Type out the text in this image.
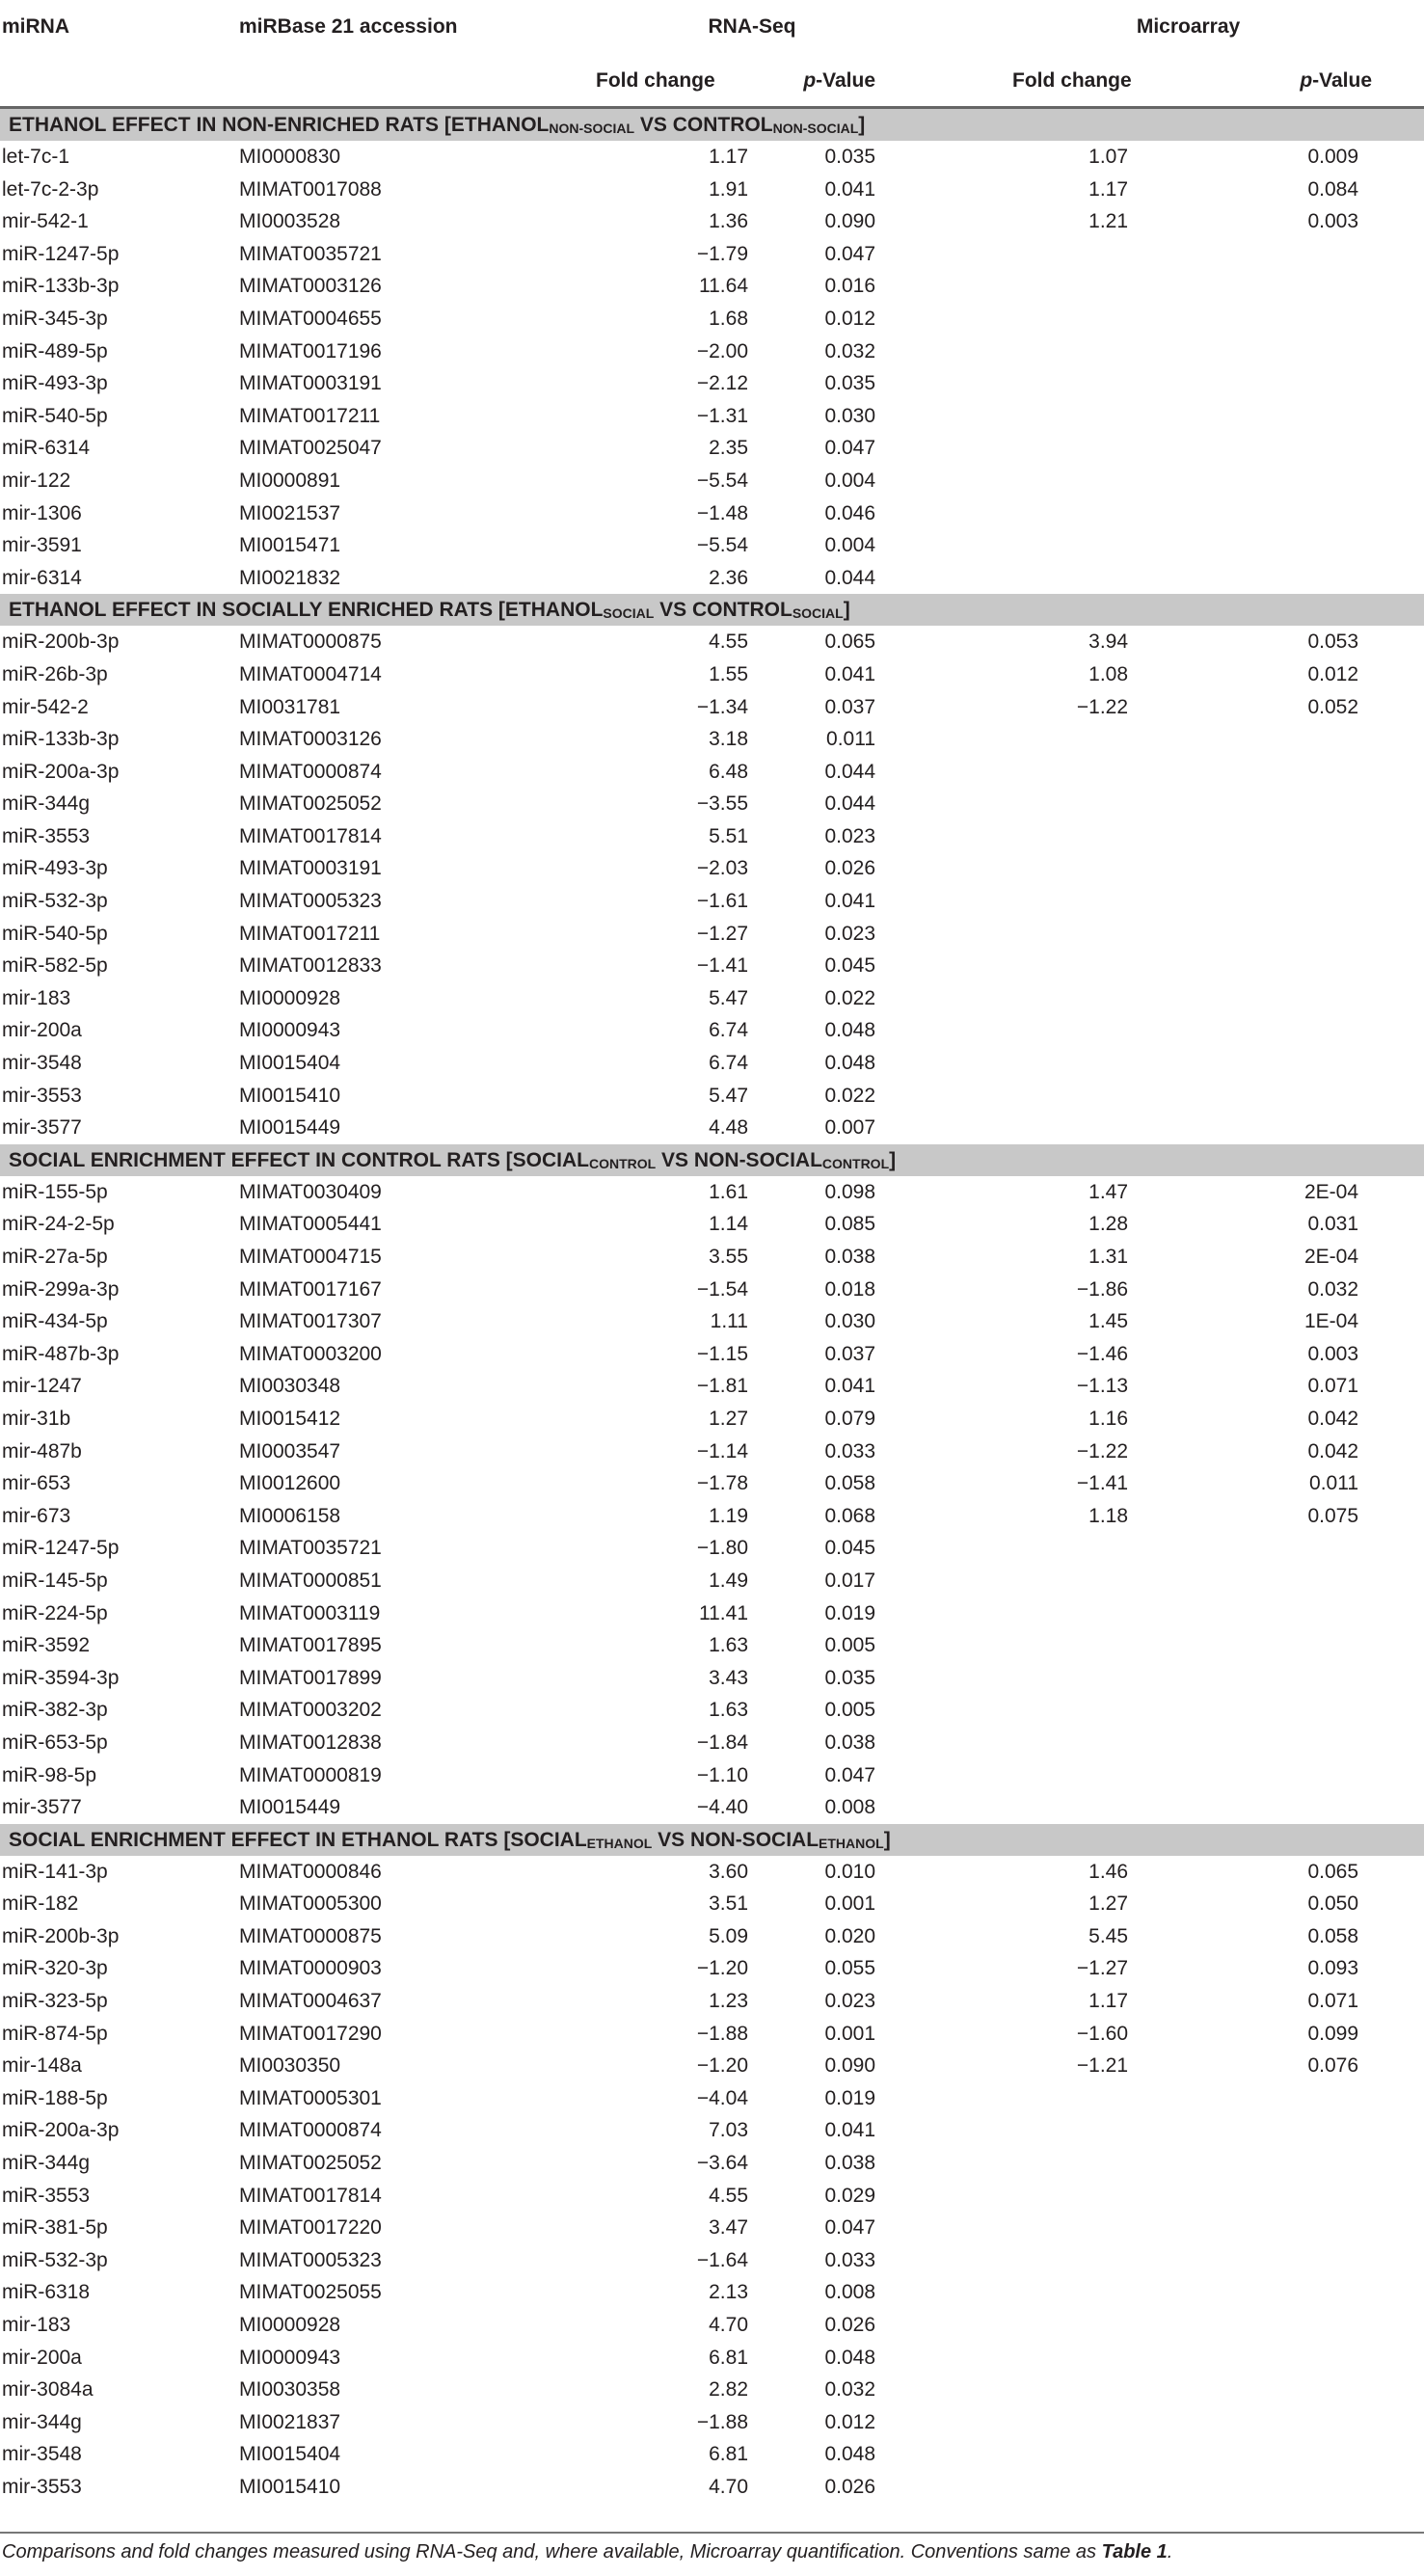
miRNA	miRBase 21 accession	RNA-Seq			Microarray	

		Fold change	p-Value		Fold change	p-Value
ETHANOL EFFECT IN NON-ENRICHED RATS [$ETHANOL_{NON-SOCIAL}$ VS $CONTROL_{NON-SOCIAL}$]						
let-7c-1	MI0000830	1.17	0.035		1.07	0.009
let-7c-2-3p	MIMAT0017088	1.91	0.041		1.17	0.084
mir-542-1	MI0003528	1.36	0.090		1.21	0.003
miR-1247-5p	MIMAT0035721	−1.79	0.047			
miR-133b-3p	MIMAT0003126	11.64	0.016			
miR-345-3p	MIMAT0004655	1.68	0.012			
miR-489-5p	MIMAT0017196	−2.00	0.032			
miR-493-3p	MIMAT0003191	−2.12	0.035			
miR-540-5p	MIMAT0017211	−1.31	0.030			
miR-6314	MIMAT0025047	2.35	0.047			
mir-122	MI0000891	−5.54	0.004			
mir-1306	MI0021537	−1.48	0.046			
mir-3591	MI0015471	−5.54	0.004			
mir-6314	MI0021832	2.36	0.044			
ETHANOL EFFECT IN SOCIALLY ENRICHED RATS [$ETHANOL_{SOCIAL}$ VS $CONTROL_{SOCIAL}$]						
miR-200b-3p	MIMAT0000875	4.55	0.065		3.94	0.053
miR-26b-3p	MIMAT0004714	1.55	0.041		1.08	0.012
mir-542-2	MI0031781	−1.34	0.037		−1.22	0.052
miR-133b-3p	MIMAT0003126	3.18	0.011			
miR-200a-3p	MIMAT0000874	6.48	0.044			
miR-344g	MIMAT0025052	−3.55	0.044			
miR-3553	MIMAT0017814	5.51	0.023			
miR-493-3p	MIMAT0003191	−2.03	0.026			
miR-532-3p	MIMAT0005323	−1.61	0.041			
miR-540-5p	MIMAT0017211	−1.27	0.023			
miR-582-5p	MIMAT0012833	−1.41	0.045			
mir-183	MI0000928	5.47	0.022			
mir-200a	MI0000943	6.74	0.048			
mir-3548	MI0015404	6.74	0.048			
mir-3553	MI0015410	5.47	0.022			
mir-3577	MI0015449	4.48	0.007			
SOCIAL ENRICHMENT EFFECT IN CONTROL RATS [$SOCIAL_{CONTROL}$ VS NON-$SOCIAL_{CONTROL}$]						
miR-155-5p	MIMAT0030409	1.61	0.098		1.47	2E-04
miR-24-2-5p	MIMAT0005441	1.14	0.085		1.28	0.031
miR-27a-5p	MIMAT0004715	3.55	0.038		1.31	2E-04
miR-299a-3p	MIMAT0017167	−1.54	0.018		−1.86	0.032
miR-434-5p	MIMAT0017307	1.11	0.030		1.45	1E-04
miR-487b-3p	MIMAT0003200	−1.15	0.037		−1.46	0.003
mir-1247	MI0030348	−1.81	0.041		−1.13	0.071
mir-31b	MI0015412	1.27	0.079		1.16	0.042
mir-487b	MI0003547	−1.14	0.033		−1.22	0.042
mir-653	MI0012600	−1.78	0.058		−1.41	0.011
mir-673	MI0006158	1.19	0.068		1.18	0.075
miR-1247-5p	MIMAT0035721	−1.80	0.045			
miR-145-5p	MIMAT0000851	1.49	0.017			
miR-224-5p	MIMAT0003119	11.41	0.019			
miR-3592	MIMAT0017895	1.63	0.005			
miR-3594-3p	MIMAT0017899	3.43	0.035			
miR-382-3p	MIMAT0003202	1.63	0.005			
miR-653-5p	MIMAT0012838	−1.84	0.038			
miR-98-5p	MIMAT0000819	−1.10	0.047			
mir-3577	MI0015449	−4.40	0.008			
SOCIAL ENRICHMENT EFFECT IN ETHANOL RATS [$SOCIAL_{ETHANOL}$ VS NON-$SOCIAL_{ETHANOL}$]						
miR-141-3p	MIMAT0000846	3.60	0.010		1.46	0.065
miR-182	MIMAT0005300	3.51	0.001		1.27	0.050
miR-200b-3p	MIMAT0000875	5.09	0.020		5.45	0.058
miR-320-3p	MIMAT0000903	−1.20	0.055		−1.27	0.093
miR-323-5p	MIMAT0004637	1.23	0.023		1.17	0.071
miR-874-5p	MIMAT0017290	−1.88	0.001		−1.60	0.099
mir-148a	MI0030350	−1.20	0.090		−1.21	0.076
miR-188-5p	MIMAT0005301	−4.04	0.019			
miR-200a-3p	MIMAT0000874	7.03	0.041			
miR-344g	MIMAT0025052	−3.64	0.038			
miR-3553	MIMAT0017814	4.55	0.029			
miR-381-5p	MIMAT0017220	3.47	0.047			
miR-532-3p	MIMAT0005323	−1.64	0.033			
miR-6318	MIMAT0025055	2.13	0.008			
mir-183	MI0000928	4.70	0.026			
mir-200a	MI0000943	6.81	0.048			
mir-3084a	MI0030358	2.82	0.032			
mir-344g	MI0021837	−1.88	0.012			
mir-3548	MI0015404	6.81	0.048			
mir-3553	MI0015410	4.70	0.026			
Comparisons and fold changes measured using RNA-Seq and, where available, Microarray quantification. Conventions same as Table 1.
